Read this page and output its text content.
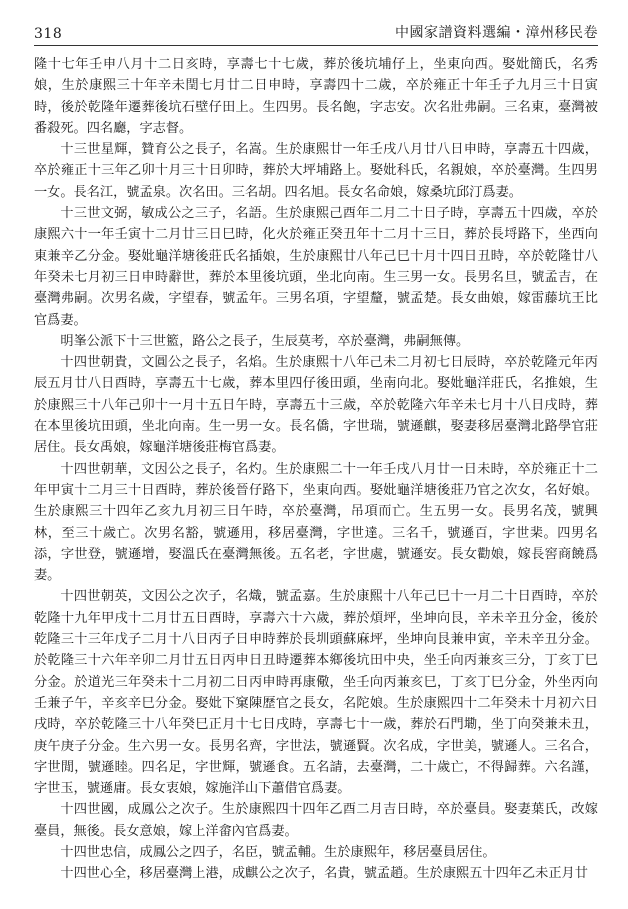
318	中國家譜資料選編・漳州移民卷

隆十七年壬申八月十二日亥時，享壽七十七歲，葬於後坑埔仔上，坐東向西。娶妣簡氏，名秀娘，生於康熙三十年辛未閏七月廿二日申時，享壽四十二歲，卒於雍正十年壬子九月三十日寅時，後於乾隆年遷葬後坑石壁仔田上。生四男。長名飽，字志安。次名壯弗嗣。三名東，臺灣被番殺死。四名廳，字志督。

十三世星輝，贊育公之長子，名嵩。生於康熙廿一年壬戌八月廿八日申時，享壽五十四歲，卒於雍正十三年乙卯十月三十日卯時，葬於大坪埔路上。娶妣科氏，名親娘，卒於臺灣。生四男一女。長名江，號孟泉。次名田。三名胡。四名旭。長女名命娘，嫁桑坑邱汀爲妻。

十三世文弼，敏成公之三子，名語。生於康熙己酉年二月二十日子時，享壽五十四歲，卒於康熙六十一年壬寅十二月廿三日巳時，化火於雍正癸丑年十二月十三日，葬於長埒路下，坐西向東兼辛乙分金。娶妣龜洋塘後莊氏名插娘，生於康熙廿八年己巳十月十四日丑時，卒於乾隆廿八年癸未七月初三日申時辭世，葬於本里後坑頭，坐北向南。生三男一女。長男名旦，號孟吉，在臺灣弗嗣。次男名歲，字望春，號孟年。三男名項，字望釐，號孟楚。長女曲娘，嫁雷藤坑王比官爲妻。

明峯公派下十三世籃，路公之長子，生辰莫考，卒於臺灣，弗嗣無傳。

十四世朝貴，文圓公之長子，名焰。生於康熙十八年己未二月初七日辰時，卒於乾隆元年丙辰五月廿八日酉時，享壽五十七歲，葬本里四仔後田頭，坐南向北。娶妣龜洋莊氏，名推娘，生於康熙三十八年己卯十一月十五日午時，享壽五十三歲，卒於乾隆六年辛未七月十八日戌時，葬在本里後坑田頭，坐北向南。生一男一女。長名僑，字世瑞，號遜麒，娶妻移居臺灣北路學官莊居住。長女禹娘，嫁龜洋塘後莊梅官爲妻。

十四世朝華，文因公之長子，名灼。生於康熙二十一年壬戌八月廿一日未時，卒於雍正十二年甲寅十二月三十日酉時，葬於後晉仔路下，坐東向西。娶妣龜洋塘後莊乃官之次女，名好娘。生於康熙三十四年乙亥九月初三日午時，卒於臺灣，吊項而亡。生五男一女。長男名茂，號興林，至三十歲亡。次男名豁，號遜用，移居臺灣，字世達。三名千，號遜百，字世棐。四男名添，字世登，號遜增，娶溫氏在臺灣無後。五名老，字世處，號遜安。長女勸娘，嫁長窖商饒爲妻。

十四世朝英，文因公之次子，名熾，號孟嘉。生於康熙十八年己巳十一月二十日酉時，卒於乾隆十九年甲戌十二月廿五日酉時，享壽六十六歲，葬於煩坪，坐坤向艮，辛未辛丑分金，後於乾隆三十三年戊子二月十八日丙子日申時葬於長圳頭蘇麻坪，坐坤向艮兼申寅，辛未辛丑分金。於乾隆三十六年辛卯二月廿五日丙申日丑時遷葬本鄉後坑田中央，坐壬向丙兼亥三分，丁亥丁巳分金。於道光三年癸未十二月初二日丙申時再康儆，坐壬向丙兼亥巳，丁亥丁巳分金，外坐丙向壬兼子午，辛亥辛巳分金。娶妣下窠陳歷官之長女，名陀娘。生於康熙四十二年癸未十月初六日戌時，卒於乾隆三十八年癸巳正月十七日戌時，享壽七十一歲，葬於石門墈，坐丁向癸兼未丑，庚午庚子分金。生六男一女。長男名齊，字世法，號遜賢。次名成，字世美，號遜人。三名合，字世閒，號遜睦。四名足，字世輝，號遜食。五名請，去臺灣，二十歲亡，不得歸葬。六名謹，字世玉，號遜庸。長女衷娘，嫁施洋山下蕭借官爲妻。

十四世國，成鳳公之次子。生於康熙四十四年乙酉二月吉日時，卒於臺員。娶妻葉氏，改嫁臺員，無後。長女意娘，嫁上洋畲內官爲妻。

十四世忠信，成鳳公之四子，名臣，號孟輔。生於康熙年，移居臺員居住。

十四世心全，移居臺灣上港，成麒公之次子，名貴，號孟趙。生於康熙五十四年乙未正月廿
